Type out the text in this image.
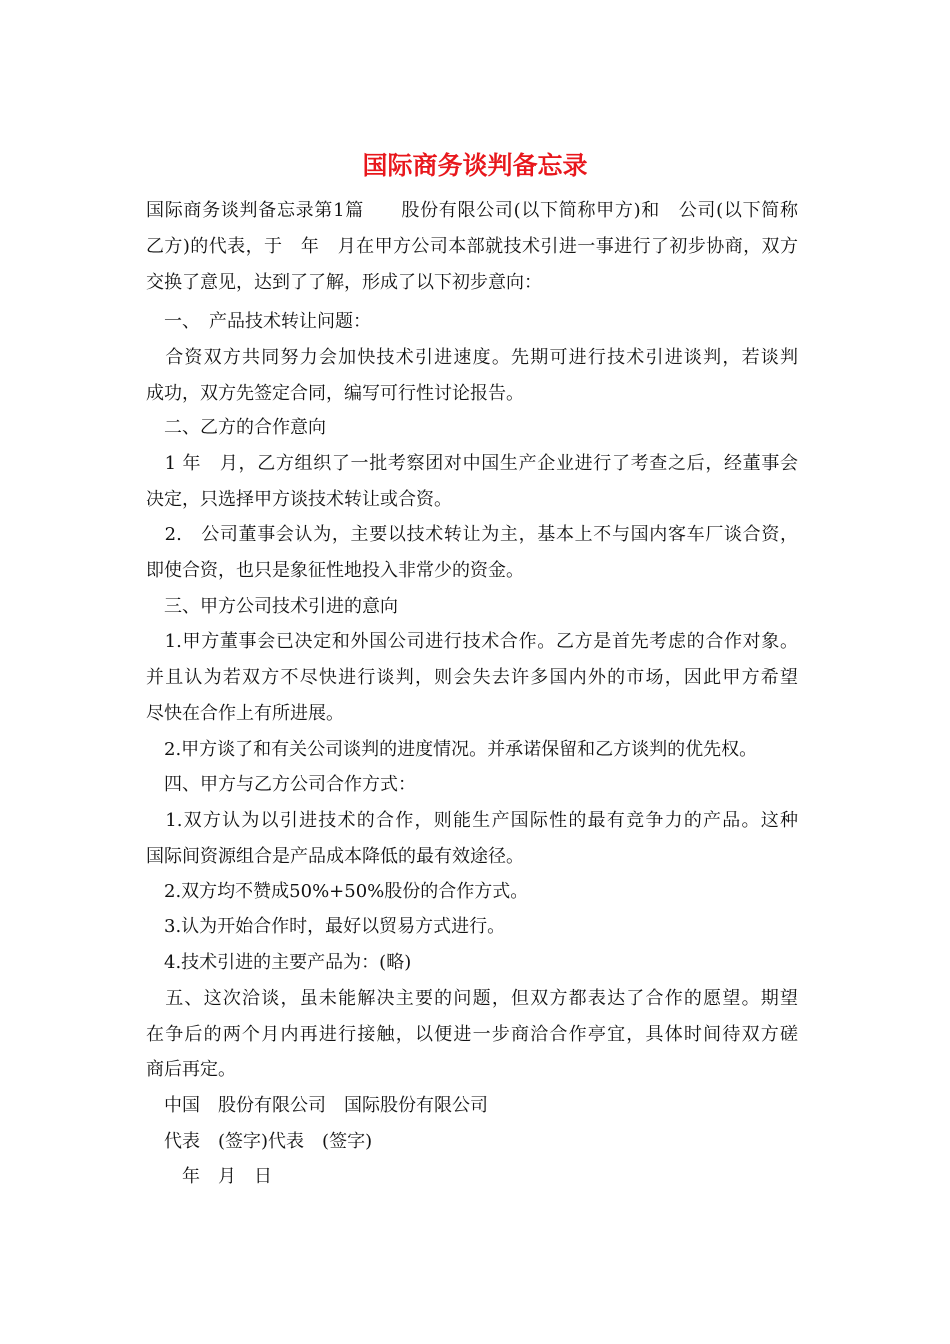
国际商务谈判备忘录
国际商务谈判备忘录第1篇　　股份有限公司(以下简称甲方)和　公司(以下简称
乙方)的代表，于　年　月在甲方公司本部就技术引进一事进行了初步协商，双方
交换了意见，达到了了解，形成了以下初步意向：
　一、　产品技术转让问题：
　合资双方共同努力会加快技术引进速度。先期可进行技术引进谈判，若谈判
成功，双方先签定合同，编写可行性讨论报告。
　二、乙方的合作意向
　1 年　月，乙方组织了一批考察团对中国生产企业进行了考查之后，经董事会
决定，只选择甲方谈技术转让或合资。
　2.　公司董事会认为，主要以技术转让为主，基本上不与国内客车厂谈合资，
即使合资，也只是象征性地投入非常少的资金。
　三、甲方公司技术引进的意向
　1.甲方董事会已决定和外国公司进行技术合作。乙方是首先考虑的合作对象。
并且认为若双方不尽快进行谈判，则会失去许多国内外的市场，因此甲方希望
尽快在合作上有所进展。
　2.甲方谈了和有关公司谈判的进度情况。并承诺保留和乙方谈判的优先权。
　四、甲方与乙方公司合作方式：
　1.双方认为以引进技术的合作，则能生产国际性的最有竞争力的产品。这种
国际间资源组合是产品成本降低的最有效途径。
　2.双方均不赞成50%+50%股份的合作方式。
　3.认为开始合作时，最好以贸易方式进行。
　4.技术引进的主要产品为：(略)
　五、这次洽谈，虽未能解决主要的问题，但双方都表达了合作的愿望。期望
在争后的两个月内再进行接触，以便进一步商洽合作亭宜，具体时间待双方磋
商后再定。
　中国　股份有限公司　国际股份有限公司
　代表　(签字)代表　(签字)
　　年　月　日
